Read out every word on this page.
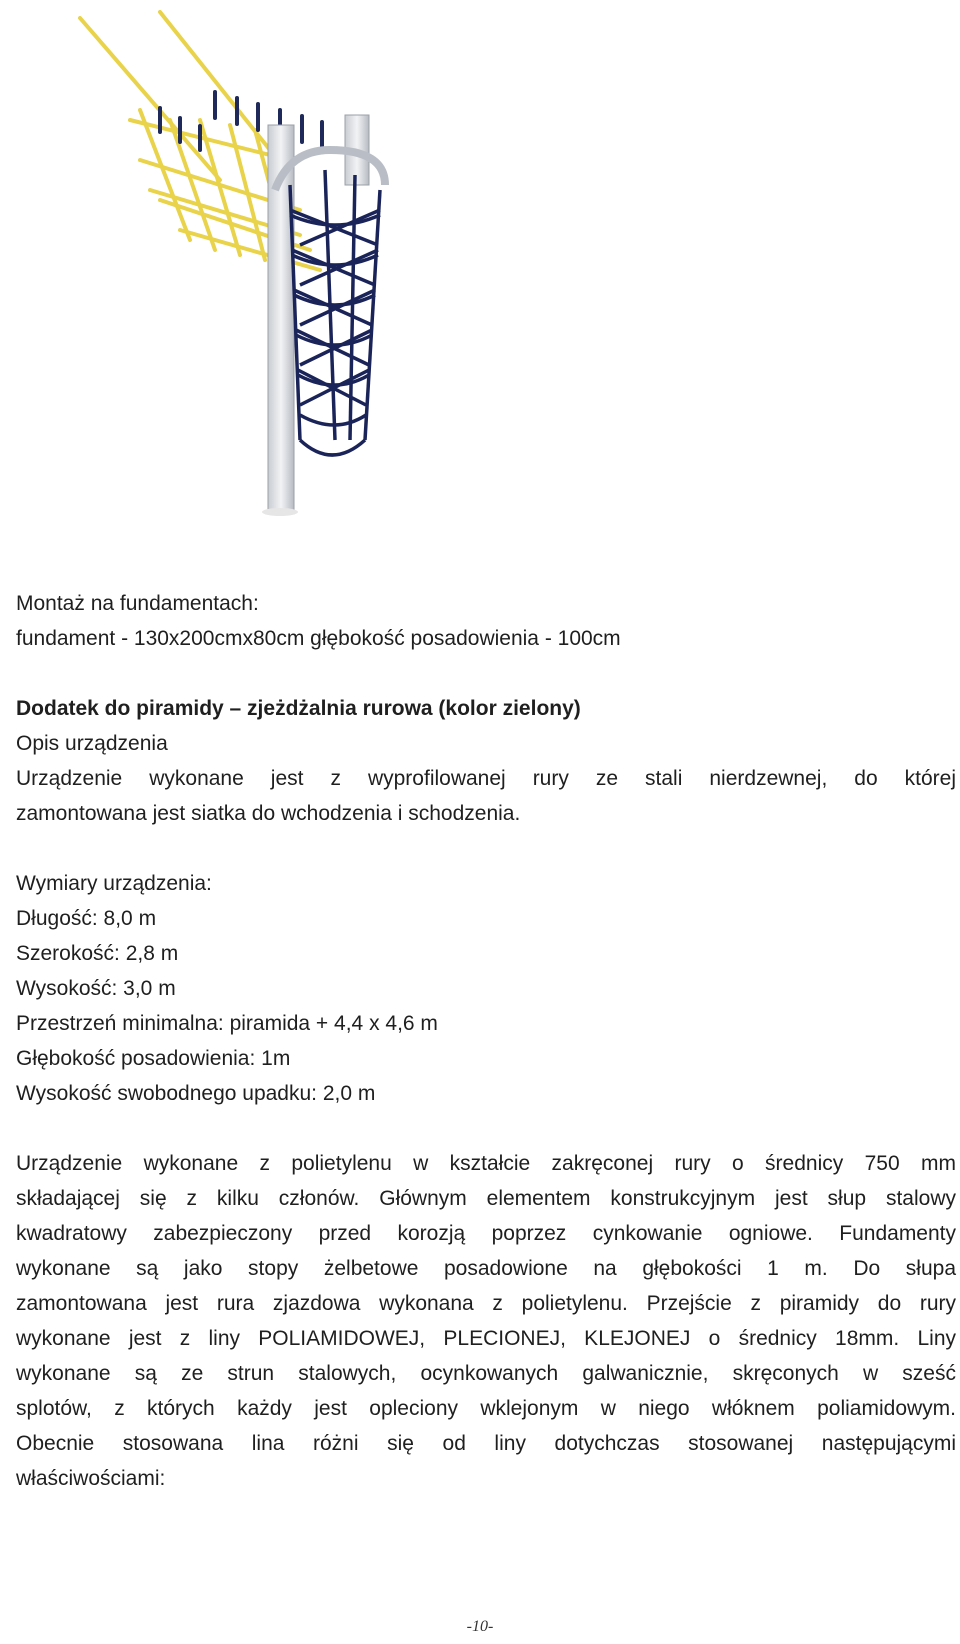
Montaż na fundamentach:

fundament - 130x200cmx80cm głębokość posadowienia - 100cm

Dodatek do piramidy – zjeżdżalnia rurowa (kolor zielony)

Opis urządzenia

Urządzenie wykonane jest z wyprofilowanej rury ze stali nierdzewnej, do której

zamontowana jest siatka do wchodzenia i schodzenia.

Wymiary urządzenia:

Długość: 8,0 m

Szerokość: 2,8 m

Wysokość: 3,0 m

Przestrzeń minimalna: piramida + 4,4 x 4,6 m

Głębokość posadowienia: 1m

Wysokość swobodnego upadku: 2,0 m

Urządzenie wykonane z polietylenu w kształcie zakręconej rury o średnicy 750 mm

składającej się z kilku członów. Głównym elementem konstrukcyjnym jest słup stalowy

kwadratowy zabezpieczony przed korozją poprzez cynkowanie ogniowe. Fundamenty

wykonane są jako stopy żelbetowe posadowione na głębokości 1 m. Do słupa

zamontowana jest rura zjazdowa wykonana z polietylenu. Przejście z piramidy do rury

wykonane jest z liny POLIAMIDOWEJ, PLECIONEJ, KLEJONEJ o średnicy 18mm. Liny

wykonane są ze strun stalowych, ocynkowanych galwanicznie, skręconych w sześć

splotów, z których każdy jest opleciony wklejonym w niego włóknem poliamidowym.

Obecnie stosowana lina różni się od liny dotychczas stosowanej następującymi

właściwościami:

-10-
